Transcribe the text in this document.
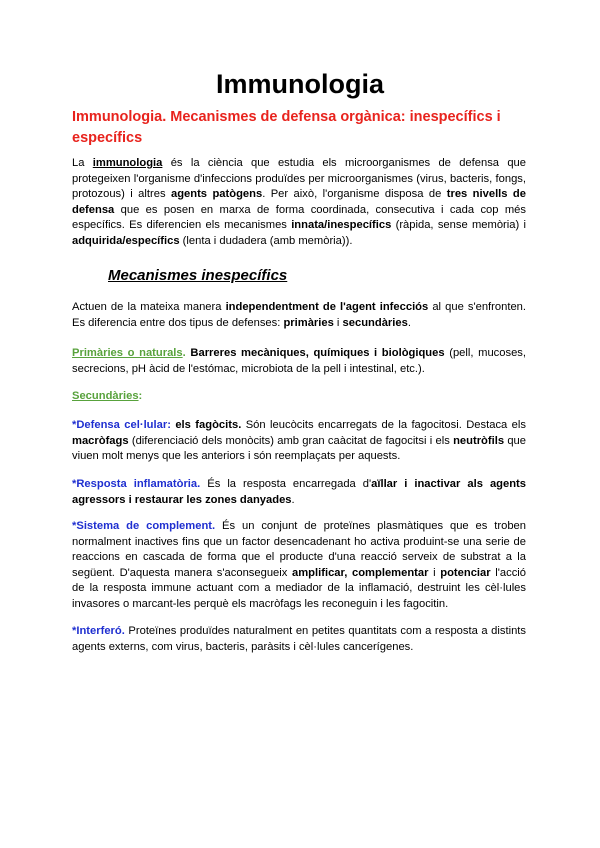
Immunologia
Immunologia. Mecanismes de defensa orgànica: inespecífics i específics

La immunologia és la ciència que estudia els microorganismes de defensa que protegeixen l'organisme d'infeccions produïdes per microorganismes (virus, bacteris, fongs, protozous) i altres agents patògens. Per això, l'organisme disposa de tres nivells de defensa que es posen en marxa de forma coordinada, consecutiva i cada cop més específics. Es diferencien els mecanismes innata/inespecífics (ràpida, sense memòria) i adquirida/específics (lenta i dudadera (amb memòria)).

Mecanismes inespecífics

Actuen de la mateixa manera independentment de l'agent infecciós al que s'enfronten. Es diferencia entre dos tipus de defenses: primàries i secundàries.

Primàries o naturals. Barreres mecàniques, químiques i biològiques (pell, mucoses, secrecions, pH àcid de l'estómac, microbiota de la pell i intestinal, etc.).

Secundàries:

*Defensa cel·lular: els fagòcits. Són leucòcits encarregats de la fagocitosi. Destaca els macròfags (diferenciació dels monòcits) amb gran caàcitat de fagocitsi i els neutròfils que viuen molt menys que les anteriors i són reemplaçats per aquests.

*Resposta inflamatòria. És la resposta encarregada d'aïllar i inactivar als agents agressors i restaurar les zones danyades.

*Sistema de complement. És un conjunt de proteïnes plasmàtiques que es troben normalment inactives fins que un factor desencadenant ho activa produint-se una serie de reaccions en cascada de forma que el producte d'una reacció serveix de substrat a la següent. D'aquesta manera s'aconsegueix amplificar, complementar i potenciar l'acció de la resposta immune actuant com a mediador de la inflamació, destruint les cèl·lules invasores o marcant-les perquè els macròfags les reconeguin i les fagocitin.

*Interferó. Proteïnes produïdes naturalment en petites quantitats com a resposta a distints agents externs, com virus, bacteris, paràsits i cèl·lules cancerígenes.
